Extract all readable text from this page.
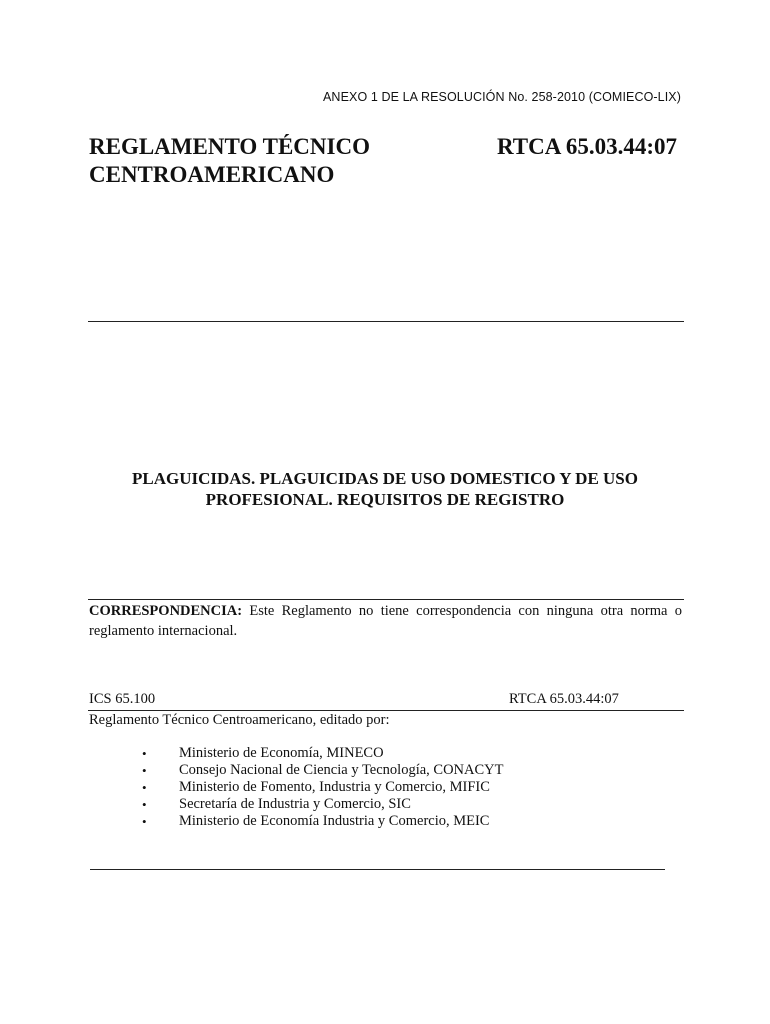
ANEXO 1 DE LA RESOLUCIÓN No. 258-2010 (COMIECO-LIX)
REGLAMENTO TÉCNICO
CENTROAMERICANO
RTCA 65.03.44:07
PLAGUICIDAS. PLAGUICIDAS DE USO DOMESTICO Y DE USO
PROFESIONAL. REQUISITOS DE REGISTRO
CORRESPONDENCIA: Este Reglamento no tiene correspondencia con ninguna otra norma o reglamento internacional.
ICS 65.100	RTCA 65.03.44:07
Reglamento Técnico Centroamericano, editado por:
• Ministerio de Economía, MINECO
• Consejo Nacional de Ciencia y Tecnología, CONACYT
• Ministerio de Fomento, Industria y Comercio, MIFIC
• Secretaría de Industria y Comercio, SIC
• Ministerio de Economía Industria y Comercio, MEIC
